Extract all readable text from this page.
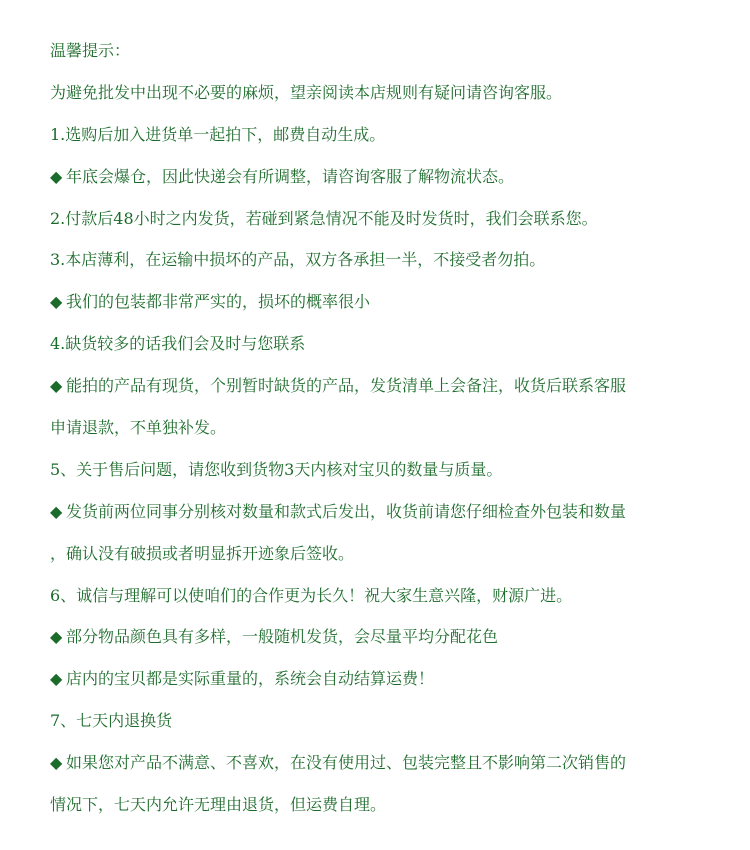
温馨提示：
为避免批发中出现不必要的麻烦，望亲阅读本店规则有疑问请咨询客服。
1.选购后加入进货单一起拍下，邮费自动生成。
◆ 年底会爆仓，因此快递会有所调整，请咨询客服了解物流状态。
2.付款后48小时之内发货，若碰到紧急情况不能及时发货时，我们会联系您。
3.本店薄利，在运输中损坏的产品，双方各承担一半，不接受者勿拍。
◆ 我们的包装都非常严实的，损坏的概率很小
4.缺货较多的话我们会及时与您联系
◆ 能拍的产品有现货，个别暂时缺货的产品，发货清单上会备注，收货后联系客服
申请退款，不单独补发。
5、关于售后问题，请您收到货物3天内核对宝贝的数量与质量。
◆ 发货前两位同事分别核对数量和款式后发出，收货前请您仔细检查外包装和数量
，确认没有破损或者明显拆开迹象后签收。
6、诚信与理解可以使咱们的合作更为长久！祝大家生意兴隆，财源广进。
◆ 部分物品颜色具有多样，一般随机发货，会尽量平均分配花色
◆ 店内的宝贝都是实际重量的，系统会自动结算运费！
7、七天内退换货
◆ 如果您对产品不满意、不喜欢，在没有使用过、包装完整且不影响第二次销售的
情况下，七天内允许无理由退货，但运费自理。
